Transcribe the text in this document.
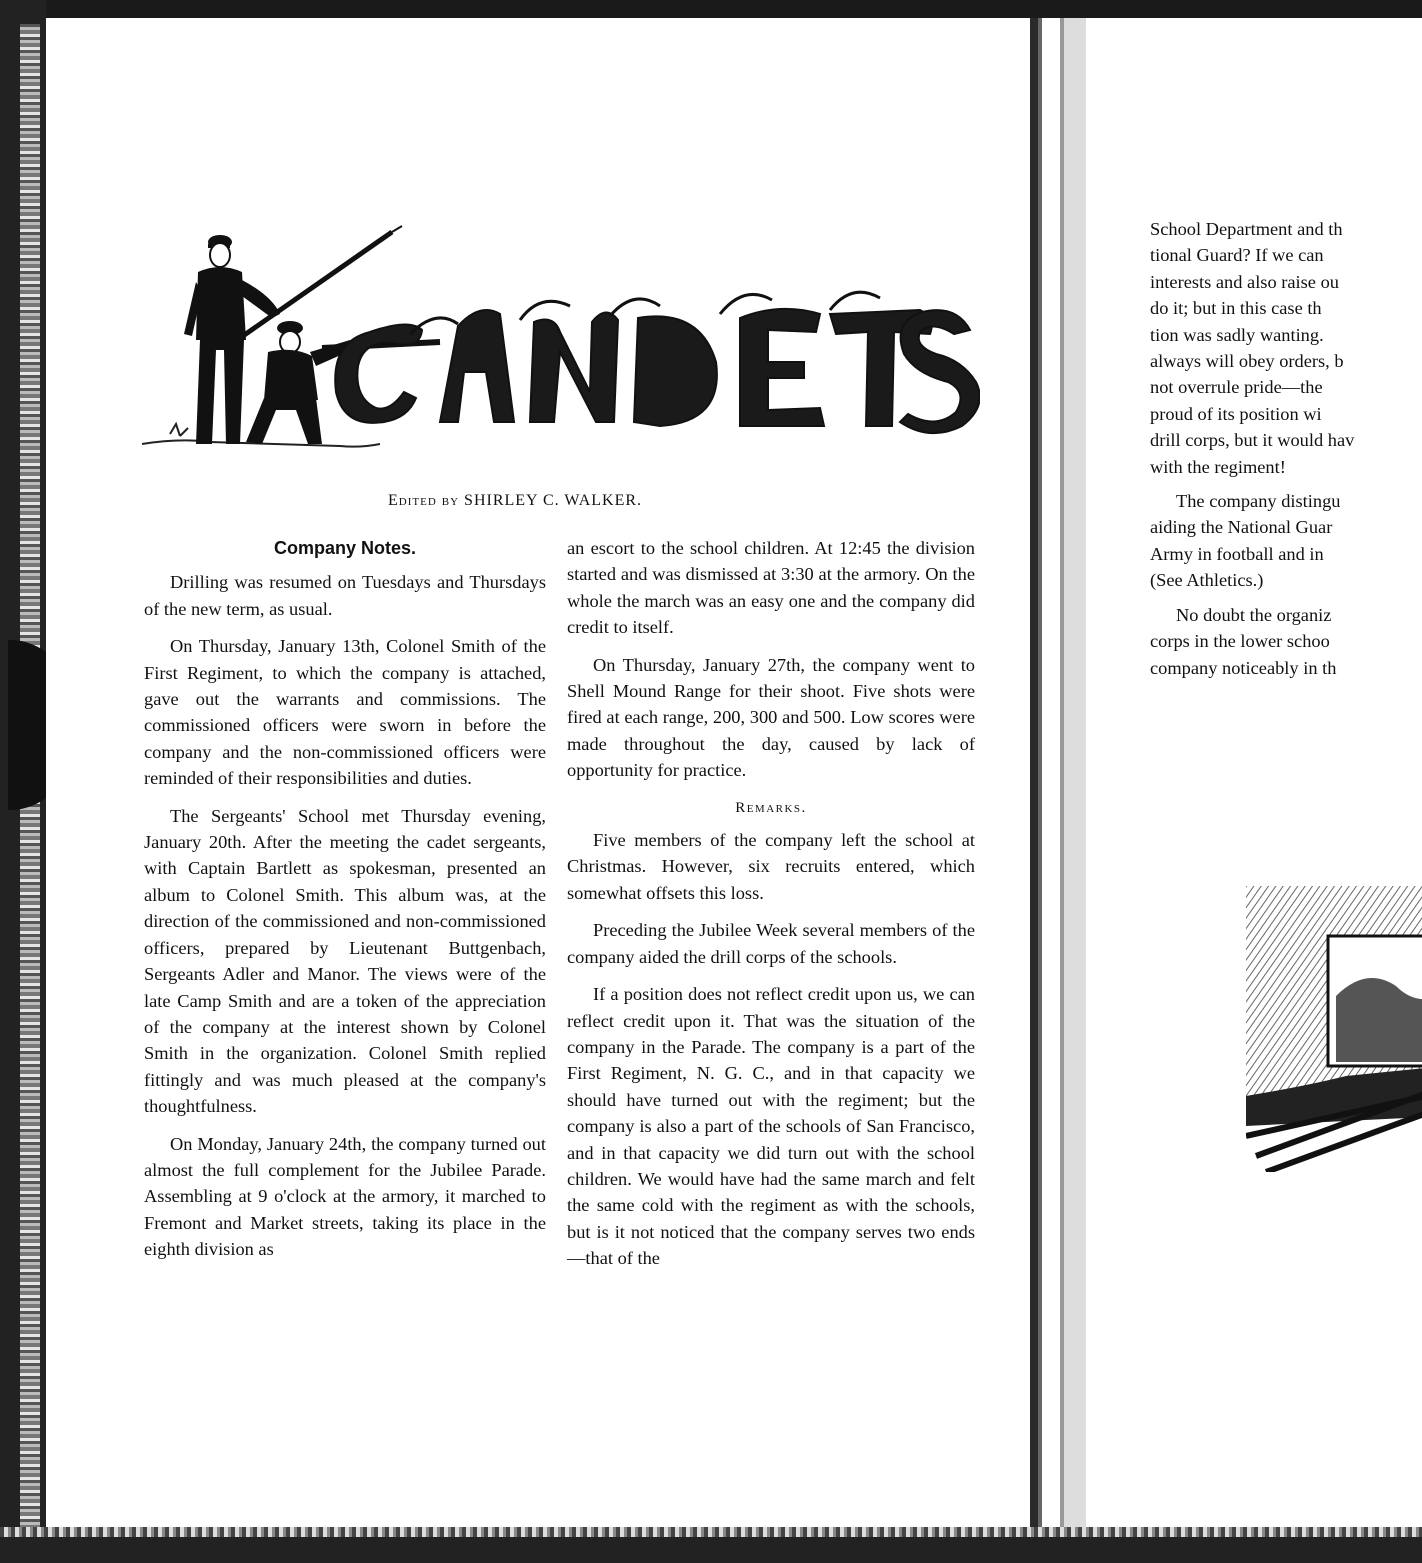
Edited by SHIRLEY C. WALKER.
Company Notes.

Drilling was resumed on Tuesdays and Thursdays of the new term, as usual.

On Thursday, January 13th, Colonel Smith of the First Regiment, to which the company is attached, gave out the warrants and commissions. The commissioned officers were sworn in before the company and the non-commissioned officers were reminded of their responsibilities and duties.

The Sergeants' School met Thursday evening, January 20th. After the meeting the cadet sergeants, with Captain Bartlett as spokesman, presented an album to Colonel Smith. This album was, at the direction of the commissioned and non-commissioned officers, prepared by Lieutenant Buttgenbach, Sergeants Adler and Manor. The views were of the late Camp Smith and are a token of the appreciation of the company at the interest shown by Colonel Smith in the organization. Colonel Smith replied fittingly and was much pleased at the company's thoughtfulness.

On Monday, January 24th, the company turned out almost the full complement for the Jubilee Parade. Assembling at 9 o'clock at the armory, it marched to Fremont and Market streets, taking its place in the eighth division as

an escort to the school children. At 12:45 the division started and was dismissed at 3:30 at the armory. On the whole the march was an easy one and the company did credit to itself.

On Thursday, January 27th, the company went to Shell Mound Range for their shoot. Five shots were fired at each range, 200, 300 and 500. Low scores were made throughout the day, caused by lack of opportunity for practice.

Remarks.

Five members of the company left the school at Christmas. However, six recruits entered, which somewhat offsets this loss.

Preceding the Jubilee Week several members of the company aided the drill corps of the schools.

If a position does not reflect credit upon us, we can reflect credit upon it. That was the situation of the company in the Parade. The company is a part of the First Regiment, N. G. C., and in that capacity we should have turned out with the regiment; but the company is also a part of the schools of San Francisco, and in that capacity we did turn out with the school children. We would have had the same march and felt the same cold with the regiment as with the schools, but is it not noticed that the company serves two ends—that of the

School Department and th
tional Guard? If we can
interests and also raise ou
do it; but in this case th
tion was sadly wanting.
always will obey orders, b
not overrule pride—the
proud of its position wi
drill corps, but it would hav
with the regiment!

The company distingu
aiding the National Guar
Army in football and in
(See Athletics.)

No doubt the organiz
corps in the lower schoo
company noticeably in th
